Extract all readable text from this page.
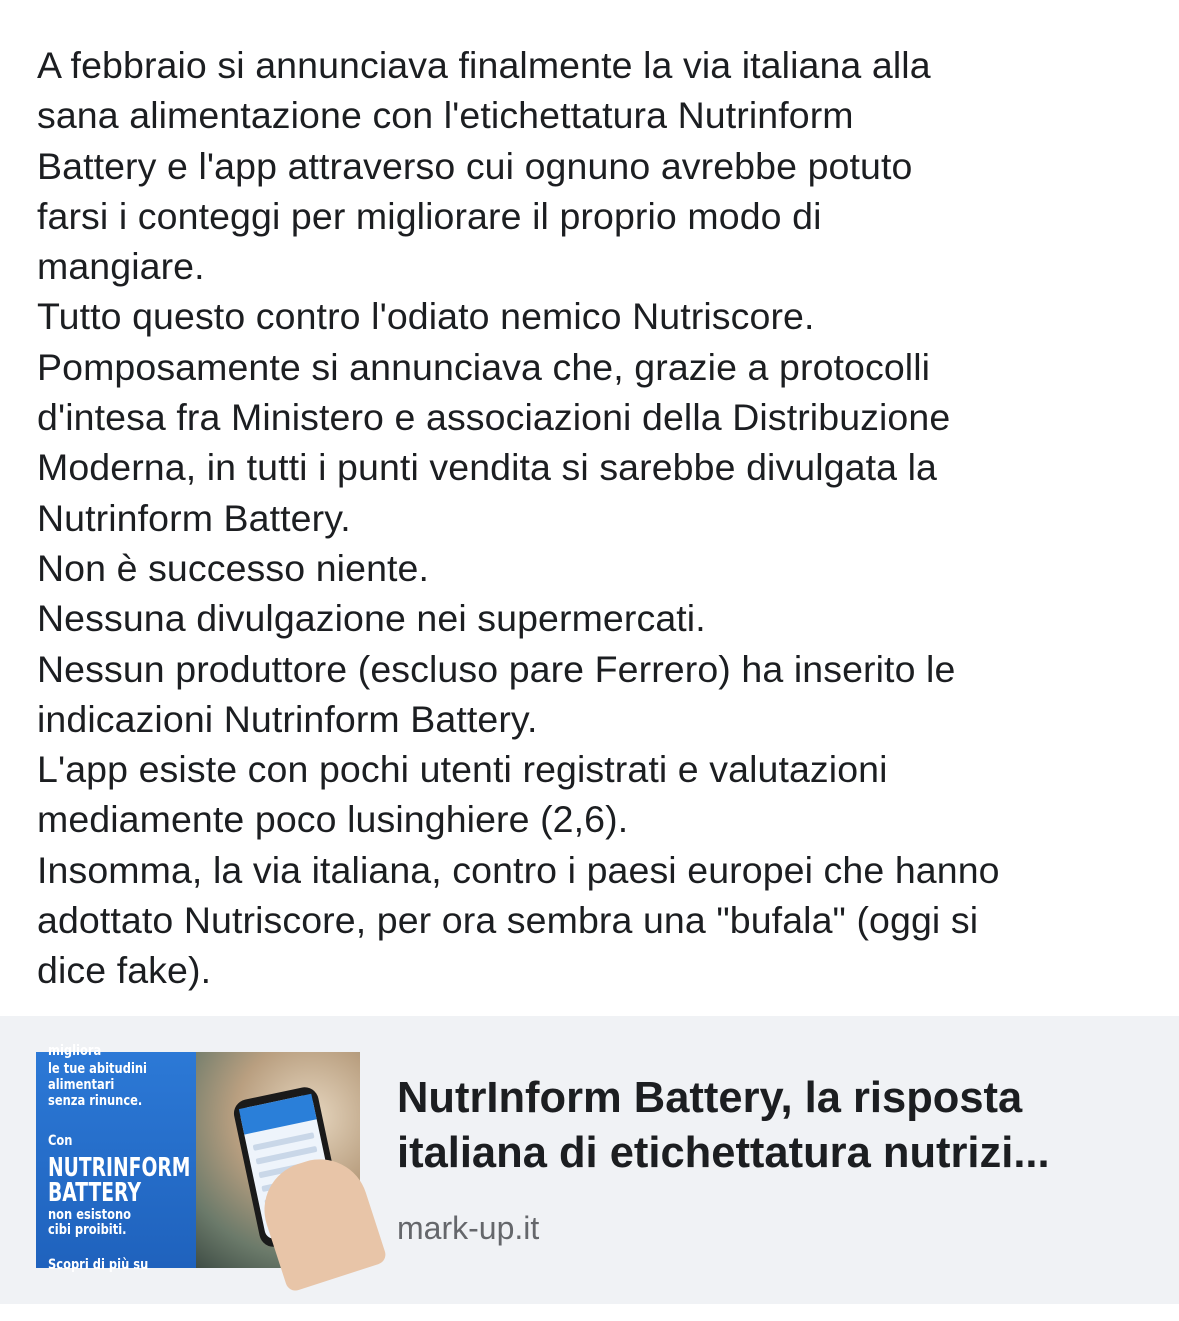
A febbraio si annunciava finalmente la via italiana alla
sana alimentazione con l'etichettatura Nutrinform
Battery e l'app attraverso cui ognuno avrebbe potuto
farsi i conteggi per migliorare il proprio modo di
mangiare.
Tutto questo contro l'odiato nemico Nutriscore.
Pomposamente si annunciava che, grazie a protocolli
d'intesa fra Ministero e associazioni della Distribuzione
Moderna, in tutti i punti vendita si sarebbe divulgata la
Nutrinform Battery.
Non è successo niente.
Nessuna divulgazione nei supermercati.
Nessun produttore (escluso pare Ferrero) ha inserito le
indicazioni Nutrinform Battery.
L'app esiste con pochi utenti registrati e valutazioni
mediamente poco lusinghiere (2,6).
Insomma, la via italiana, contro i paesi europei che hanno
adottato Nutriscore, per ora sembra una "bufala" (oggi si
dice fake).
migliora
le tue abitudini
alimentari
senza rinunce.
Con
NUTRINFORM
BATTERY
non esistono
cibi proibiti.
Scopri di più su
NutrInform Battery, la risposta
italiana di etichettatura nutrizi...
mark-up.it
